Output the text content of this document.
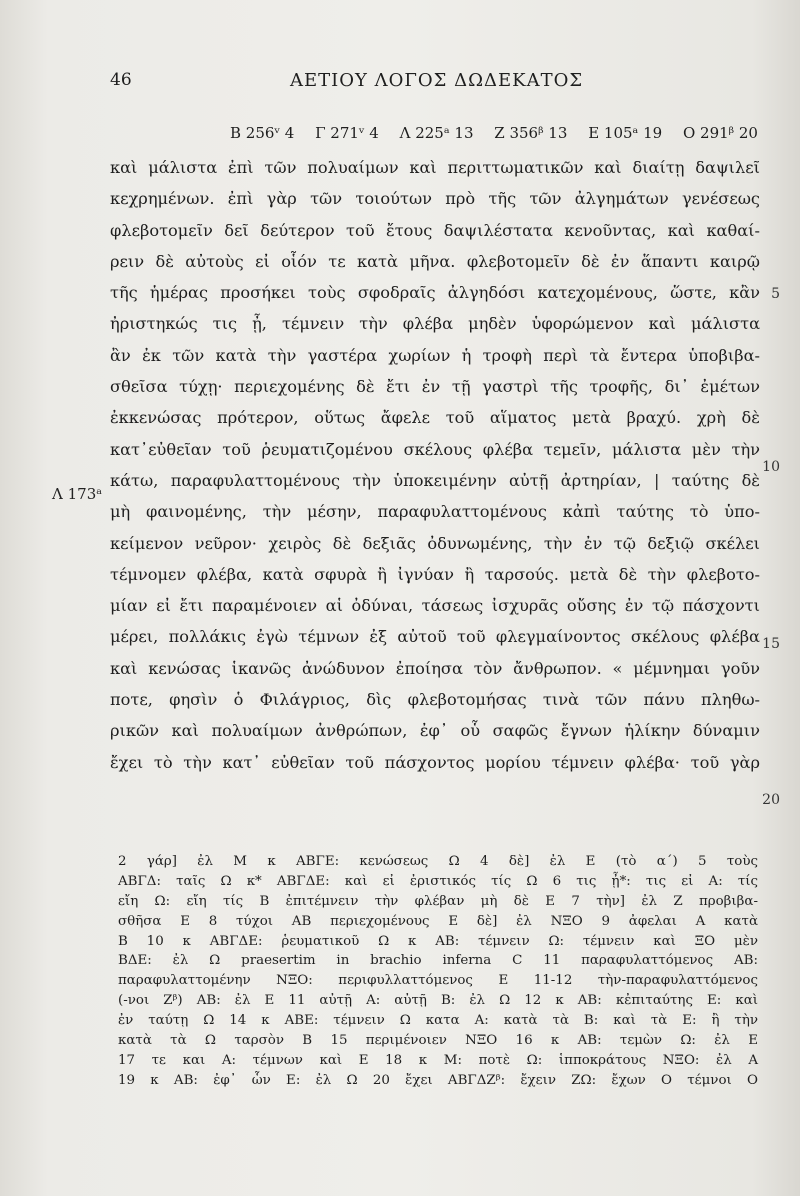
46	ΑΕΤΙΟΥ ΛΟΓΟΣ ΔΩΔΕΚΑΤΟΣ
B 256ᵛ 4 Γ 271ᵛ 4 Λ 225ᵃ 13 Ζ 356ᵝ 13 Ε 105ᵃ 19 Ο 291ᵝ 20
Λ 173ᵃ
καὶ μάλιστα ἐπὶ τῶν πολυαίμων καὶ περιττωματικῶν καὶ διαίτῃ δαψιλεῖ
κεχρημένων. ἐπὶ γὰρ τῶν τοιούτων πρὸ τῆς τῶν ἀλγημάτων γενέσεως
φλεβοτομεῖν δεῖ δεύτερον τοῦ ἔτους δαψιλέστατα κενοῦντας, καὶ καθαί-
ρειν δὲ αὐτοὺς εἰ οἷόν τε κατὰ μῆνα. φλεβοτομεῖν δὲ ἐν ἅπαντι καιρῷ
τῆς ἡμέρας προσήκει τοὺς σφοδραῖς ἀλγηδόσι κατεχομένους, ὥστε, κἂν
ἠριστηκώς τις ᾖ, τέμνειν τὴν φλέβα μηδὲν ὑφορώμενον καὶ μάλιστα
ἂν ἐκ τῶν κατὰ τὴν γαστέρα χωρίων ἡ τροφὴ περὶ τὰ ἔντερα ὑποβιβα-
σθεῖσα τύχῃ· περιεχομένης δὲ ἔτι ἐν τῇ γαστρὶ τῆς τροφῆς, δι᾽ ἐμέτων
ἐκκενώσας πρότερον, οὕτως ἄφελε τοῦ αἵματος μετὰ βραχύ. χρὴ δὲ
κατ᾽εὐθεῖαν τοῦ ῥευματιζομένου σκέλους φλέβα τεμεῖν, μάλιστα μὲν τὴν
κάτω, παραφυλαττομένους τὴν ὑποκειμένην αὐτῇ ἀρτηρίαν, | ταύτης δὲ
μὴ φαινομένης, τὴν μέσην, παραφυλαττομένους κἀπὶ ταύτης τὸ ὑπο-
κείμενον νεῦρον· χειρὸς δὲ δεξιᾶς ὀδυνωμένης, τὴν ἐν τῷ δεξιῷ σκέλει
τέμνομεν φλέβα, κατὰ σφυρὰ ἢ ἰγνύαν ἢ ταρσούς. μετὰ δὲ τὴν φλεβοτο-
μίαν εἰ ἔτι παραμένοιεν αἱ ὀδύναι, τάσεως ἰσχυρᾶς οὔσης ἐν τῷ πάσχοντι
μέρει, πολλάκις ἐγὼ τέμνων ἐξ αὐτοῦ τοῦ φλεγμαίνοντος σκέλους φλέβα
καὶ κενώσας ἱκανῶς ἀνώδυνον ἐποίησα τὸν ἄνθρωπον. « μέμνημαι γοῦν
ποτε, φησὶν ὁ Φιλάγριος, δὶς φλεβοτομήσας τινὰ τῶν πάνυ πληθω-
ρικῶν καὶ πολυαίμων ἀνθρώπων, ἐφ᾽ οὗ σαφῶς ἔγνων ἡλίκην δύναμιν
ἔχει τὸ τὴν κατ᾽ εὐθεῖαν τοῦ πάσχοντος μορίου τέμνειν φλέβα· τοῦ γὰρ
5
10
15
20
2 γάρ] ἐλ Μ κ ΑΒΓΕ: κενώσεως Ω 4 δὲ] ἐλ Ε (τὸ α΄) 5 τοὺς
ΑΒΓΔ: ταῖς Ω κ* ΑΒΓΔΕ: καὶ εἰ ἐριστικός τίς Ω 6 τις ᾖ*: τις εἰ Α: τίς
εἴη Ω: εἴη τίς Β ἐπιτέμνειν τὴν φλέβαν μὴ δὲ Ε 7 τὴν] ἐλ Ζ προβιβα-
σθῆσα Ε 8 τύχοι ΑΒ περιεχομένους Ε δὲ] ἐλ ΝΞΟ 9 ἀφελαι Α κατὰ
Β 10 κ ΑΒΓΔΕ: ῥευματικοῦ Ω κ ΑΒ: τέμνειν Ω: τέμνειν καὶ ΞΟ μὲν
ΒΔΕ: ἐλ Ω praesertim in brachio inferna C 11 παραφυλαττόμενος ΑΒ:
παραφυλαττομένην ΝΞΟ: περιφυλλαττόμενος Ε 11-12 τὴν-παραφυλαττόμενος
(-νοι Ζᵝ) ΑΒ: ἐλ Ε 11 αὐτῇ Α: αὐτῇ Β: ἐλ Ω 12 κ ΑΒ: κἐπιταύτης Ε: καὶ
ἐν ταύτῃ Ω 14 κ ΑΒΕ: τέμνειν Ω κατα Α: κατὰ τὰ Β: καὶ τὰ Ε: ἢ τὴν
κατὰ τὰ Ω ταρσὸν Β 15 περιμένοιεν ΝΞΟ 16 κ ΑΒ: τεμὼν Ω: ἐλ Ε
17 τε και Α: τέμνων καὶ Ε 18 κ Μ: ποτὲ Ω: ἱπποκράτους ΝΞΟ: ἐλ Α
19 κ ΑΒ: ἐφ᾽ ὧν Ε: ἐλ Ω 20 ἔχει ΑΒΓΔΖᵝ: ἔχειν ΖΩ: ἔχων Ο τέμνοι Ο
